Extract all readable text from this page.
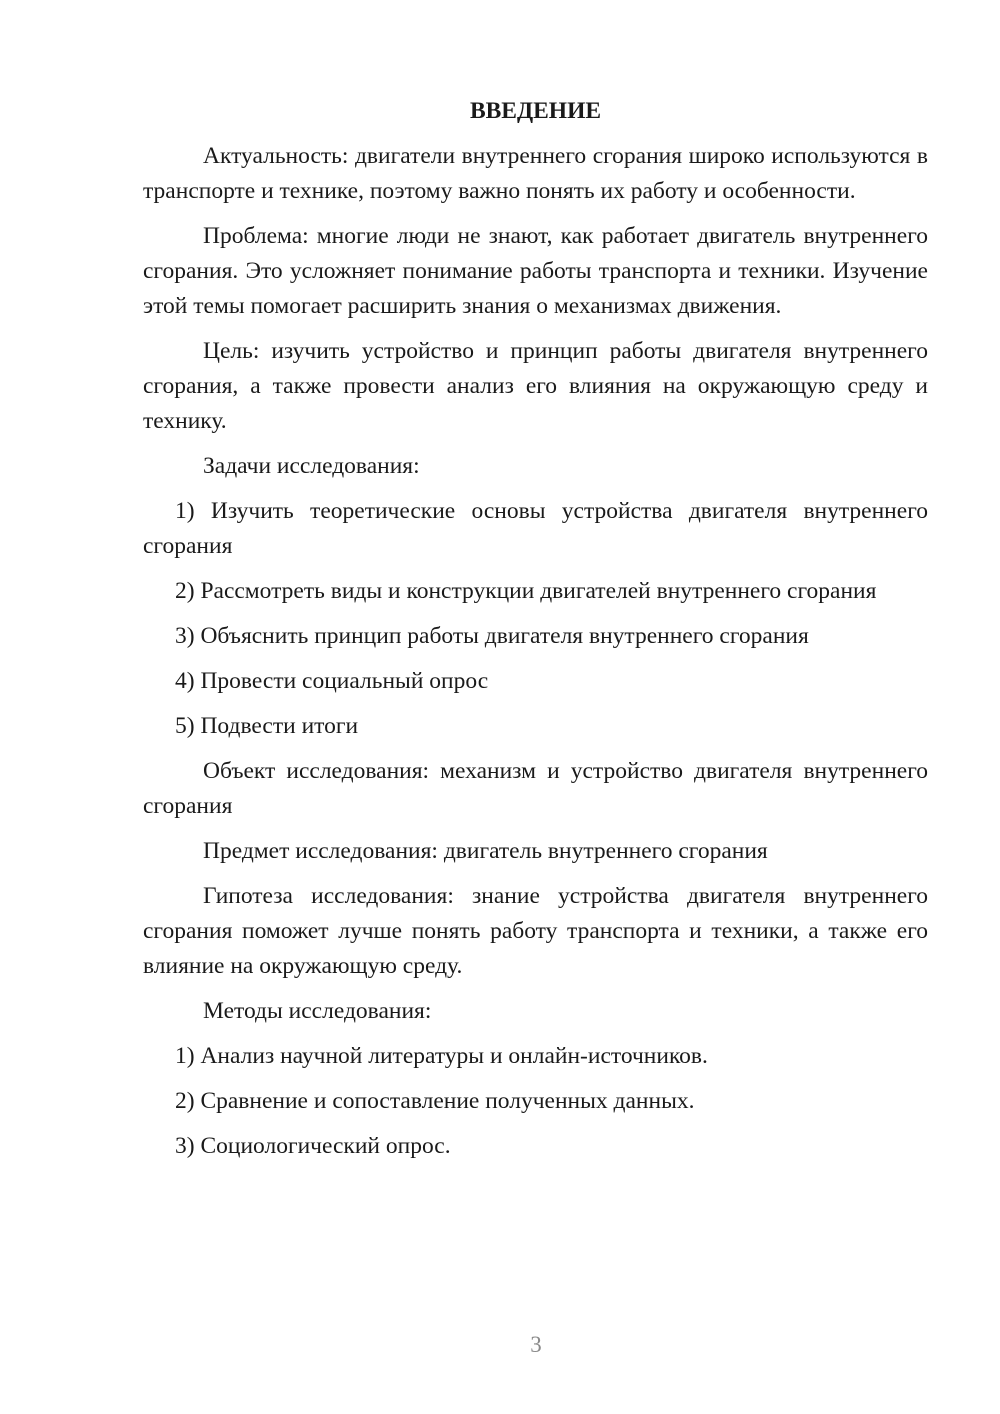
ВВЕДЕНИЕ

Актуальность: двигатели внутреннего сгорания широко используются в транспорте и технике, поэтому важно понять их работу и особенности.

Проблема: многие люди не знают, как работает двигатель внутреннего сгорания. Это усложняет понимание работы транспорта и техники. Изучение этой темы помогает расширить знания о механизмах движения.

Цель: изучить устройство и принцип работы двигателя внутреннего сгорания, а также провести анализ его влияния на окружающую среду и технику.

Задачи исследования:

1) Изучить теоретические основы устройства двигателя внутреннего сгорания

2) Рассмотреть виды и конструкции двигателей внутреннего сгорания

3) Объяснить принцип работы двигателя внутреннего сгорания

4) Провести социальный опрос

5) Подвести итоги

Объект исследования: механизм и устройство двигателя внутреннего сгорания

Предмет исследования: двигатель внутреннего сгорания

Гипотеза исследования: знание устройства двигателя внутреннего сгорания поможет лучше понять работу транспорта и техники, а также его влияние на окружающую среду.

Методы исследования:

1) Анализ научной литературы и онлайн-источников.

2) Сравнение и сопоставление полученных данных.

3) Социологический опрос.

3
